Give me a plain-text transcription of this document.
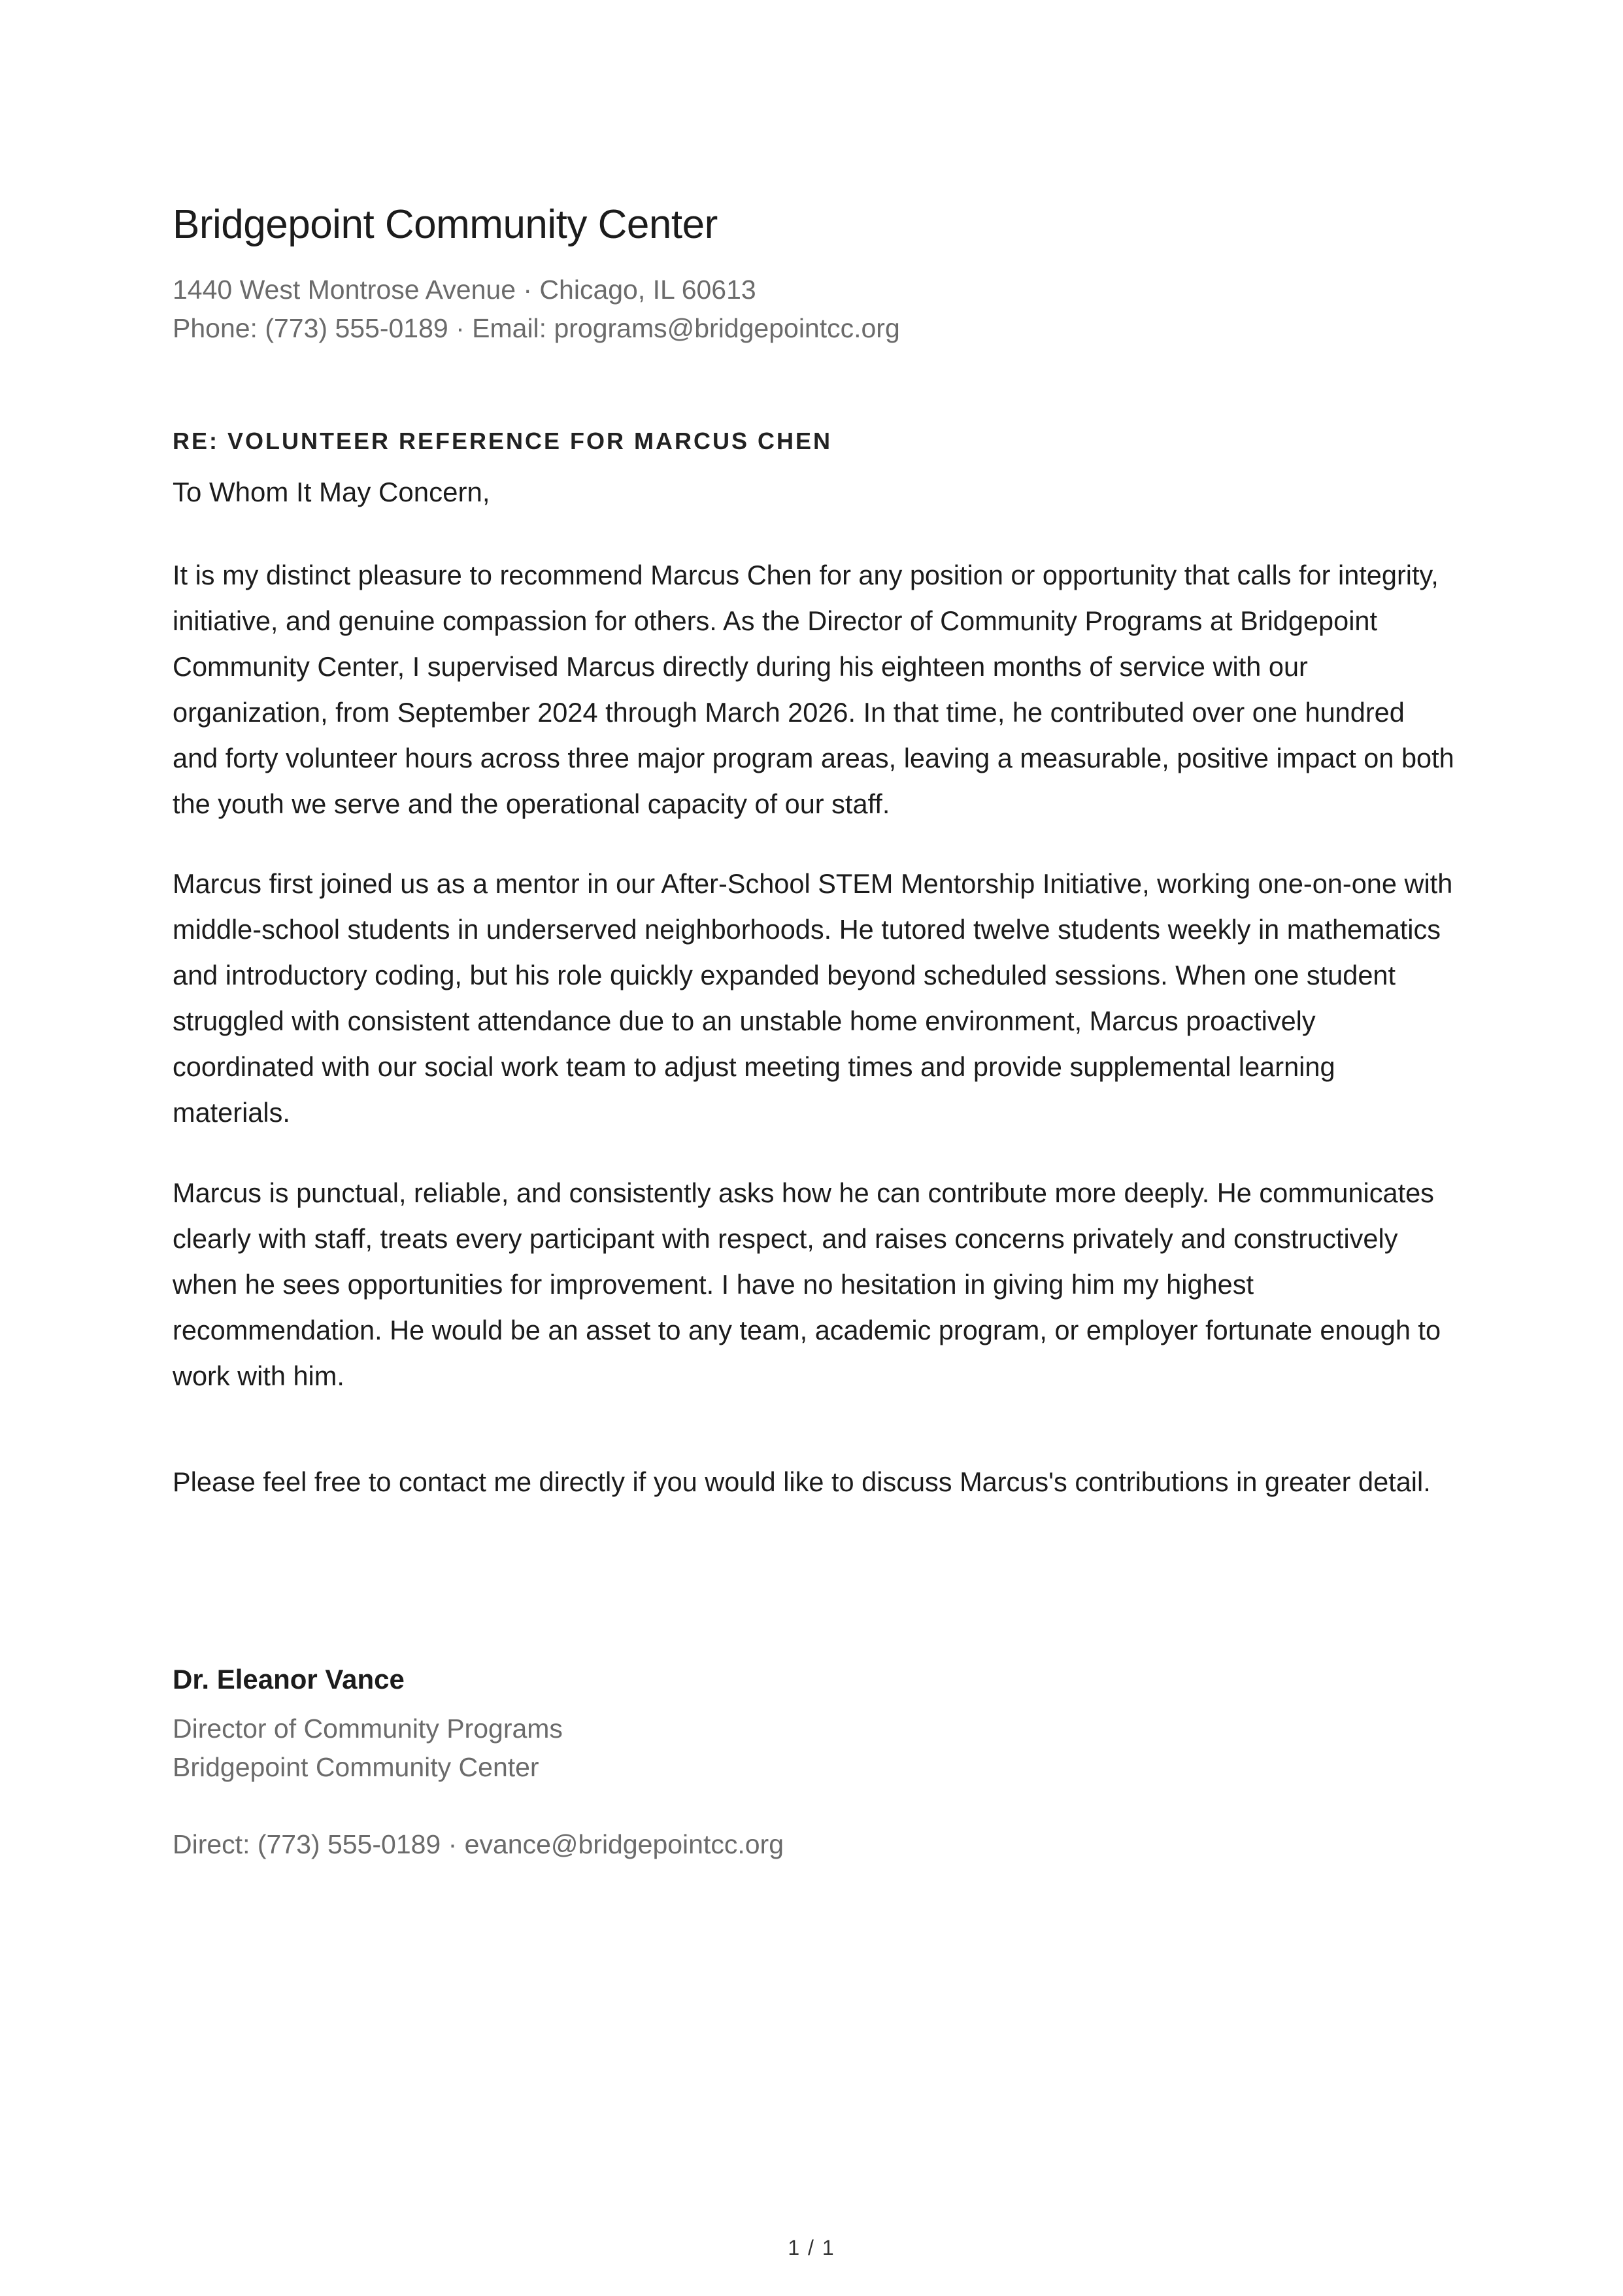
Bridgepoint Community Center
1440 West Montrose Avenue · Chicago, IL 60613
Phone: (773) 555-0189 · Email: programs@bridgepointcc.org
RE: VOLUNTEER REFERENCE FOR MARCUS CHEN
To Whom It May Concern,

It is my distinct pleasure to recommend Marcus Chen for any position or opportunity that calls for integrity, initiative, and genuine compassion for others. As the Director of Community Programs at Bridgepoint Community Center, I supervised Marcus directly during his eighteen months of service with our organization, from September 2024 through March 2026. In that time, he contributed over one hundred and forty volunteer hours across three major program areas, leaving a measurable, positive impact on both the youth we serve and the operational capacity of our staff.

Marcus first joined us as a mentor in our After-School STEM Mentorship Initiative, working one-on-one with middle-school students in underserved neighborhoods. He tutored twelve students weekly in mathematics and introductory coding, but his role quickly expanded beyond scheduled sessions. When one student struggled with consistent attendance due to an unstable home environment, Marcus proactively coordinated with our social work team to adjust meeting times and provide supplemental learning materials.

Marcus is punctual, reliable, and consistently asks how he can contribute more deeply. He communicates clearly with staff, treats every participant with respect, and raises concerns privately and constructively when he sees opportunities for improvement. I have no hesitation in giving him my highest recommendation. He would be an asset to any team, academic program, or employer fortunate enough to work with him.

Please feel free to contact me directly if you would like to discuss Marcus's contributions in greater detail.

Dr. Eleanor Vance
Director of Community Programs
Bridgepoint Community Center
Direct: (773) 555-0189 · evance@bridgepointcc.org
1 / 1
